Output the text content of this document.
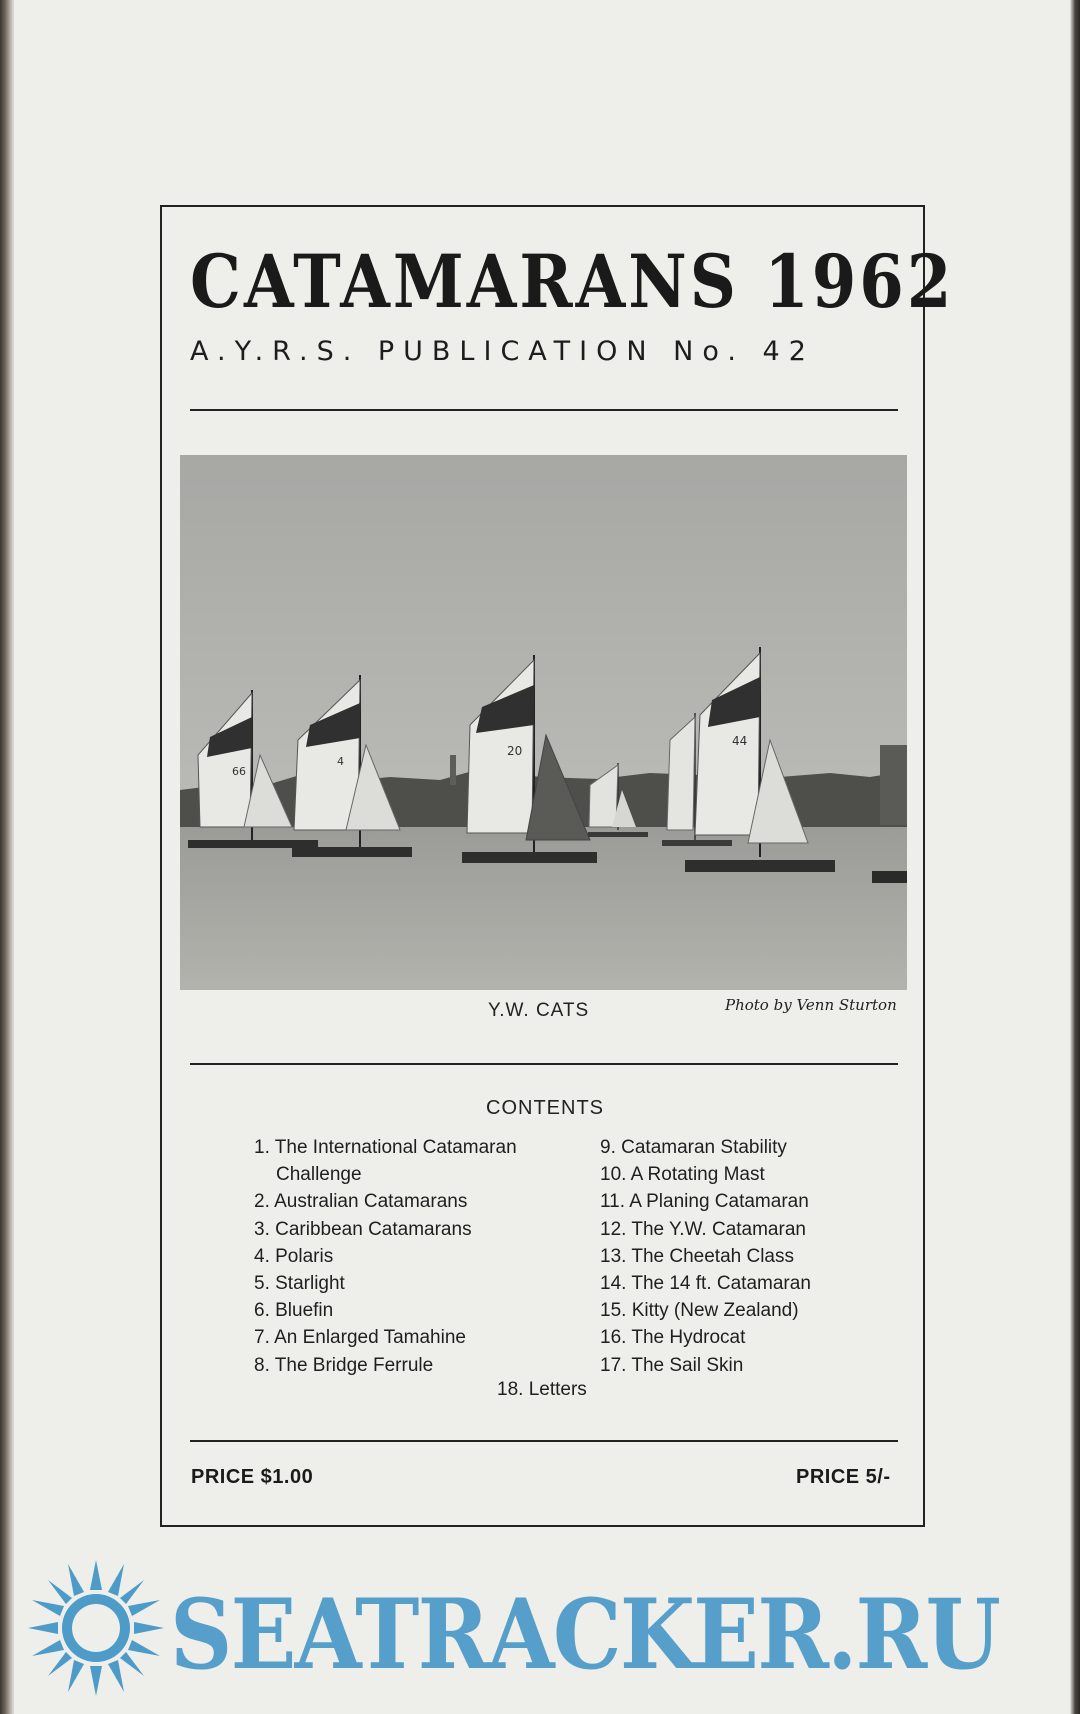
CATAMARANS 1962
A.Y.R.S. PUBLICATION No. 42
66
4
20
44
Y.W. CATS	Photo by Venn Sturton
CONTENTS
1. The International Catamaran
Challenge
2. Australian Catamarans
3. Caribbean Catamarans
4. Polaris
5. Starlight
6. Bluefin
7. An Enlarged Tamahine
8. The Bridge Ferrule
9. Catamaran Stability
10. A Rotating Mast
11. A Planing Catamaran
12. The Y.W. Catamaran
13. The Cheetah Class
14. The 14 ft. Catamaran
15. Kitty (New Zealand)
16. The Hydrocat
17. The Sail Skin
18. Letters
PRICE $1.00	PRICE 5/-
SEATRACKER.RU
